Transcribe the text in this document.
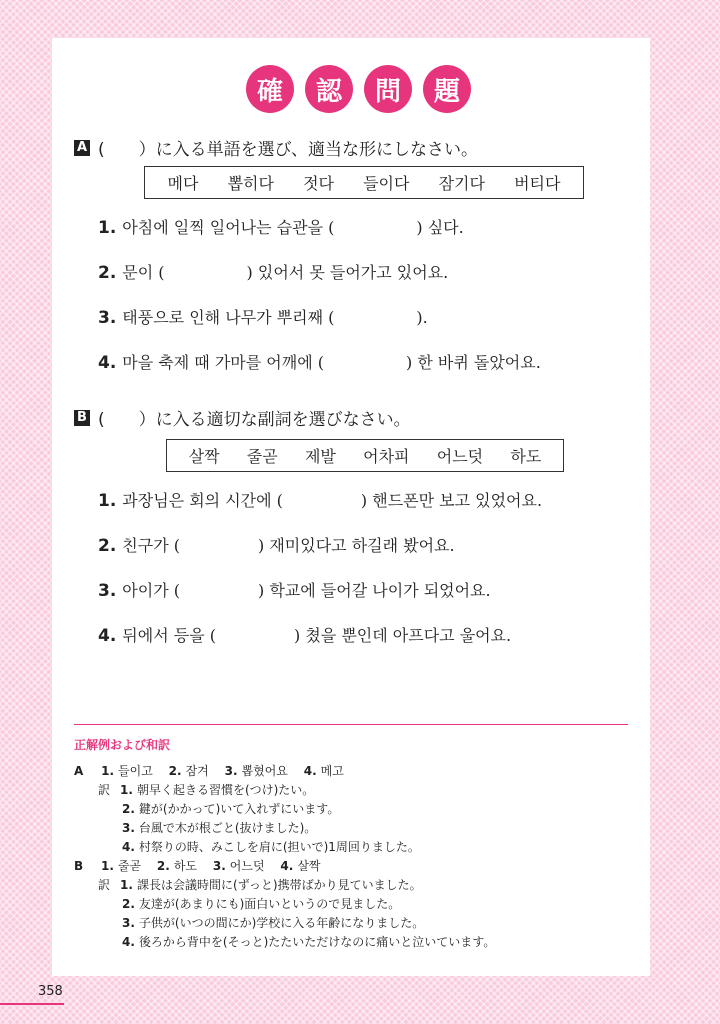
確	認	問	題
A (　　）に入る単語を選び、適当な形にしなさい。
메다 뽑히다 젓다 들이다 잠기다 버티다
1. 아침에 일찍 일어나는 습관을 (	) 싶다.
2. 문이 (	) 있어서 못 들어가고 있어요.
3. 태풍으로 인해 나무가 뿌리째 (	).
4. 마을 축제 때 가마를 어깨에 (	) 한 바퀴 돌았어요.
B (　　）に入る適切な副詞を選びなさい。
살짝 줄곧 제발 어차피 어느덧 하도
1. 과장님은 회의 시간에 (	) 핸드폰만 보고 있었어요.
2. 친구가 (	) 재미있다고 하길래 봤어요.
3. 아이가 (	) 학교에 들어갈 나이가 되었어요.
4. 뒤에서 등을 (	) 쳤을 뿐인데 아프다고 울어요.
正解例および和訳
A 1. 들이고 2. 잠겨 3. 뽑혔어요 4. 메고
訳 1. 朝早く起きる習慣を(つけ)たい。
2. 鍵が(かかって)いて入れずにいます。
3. 台風で木が根ごと(抜けました)。
4. 村祭りの時、みこしを肩に(担いで)1周回りました。
B 1. 줄곧 2. 하도 3. 어느덧 4. 살짝
訳 1. 課長は会議時間に(ずっと)携帯ばかり見ていました。
2. 友達が(あまりにも)面白いというので見ました。
3. 子供が(いつの間にか)学校に入る年齢になりました。
4. 後ろから背中を(そっと)たたいただけなのに痛いと泣いています。
358
